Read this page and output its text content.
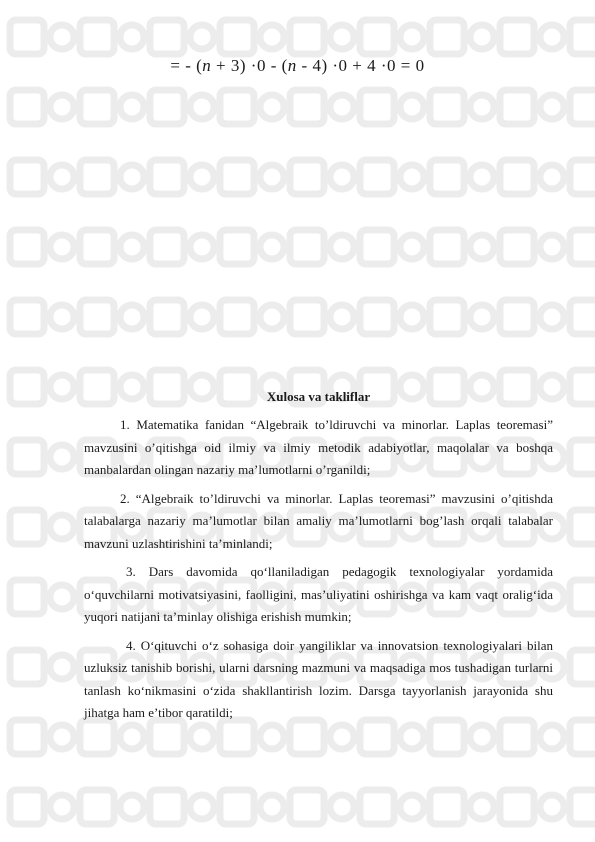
= - (n + 3) ·0 - (n - 4) ·0 + 4 ·0 = 0
Xulosa va takliflar

1. Matematika fanidan “Algebraik to’ldiruvchi va minorlar. Laplas teoremasi” mavzusini o’qitishga oid ilmiy va ilmiy metodik adabiyotlar, maqolalar va boshqa manbalardan olingan nazariy ma’lumotlarni o’rganildi;

2. “Algebraik to’ldiruvchi va minorlar. Laplas teoremasi” mavzusini o’qitishda talabalarga nazariy ma’lumotlar bilan amaliy ma’lumotlarni bog’lash orqali talabalar mavzuni uzlashtirishini ta’minlandi;

3. Dars davomida qo‘llaniladigan pedagogik texnologiyalar yordamida o‘quvchilarni motivatsiyasini, faolligini, mas’uliyatini oshirishga va kam vaqt oralig‘ida yuqori natijani ta’minlay olishiga erishish mumkin;

4. O‘qituvchi o‘z sohasiga doir yangiliklar va innovatsion texnologiyalari bilan uzluksiz tanishib borishi, ularni darsning mazmuni va maqsadiga mos tushadigan turlarni tanlash ko‘nikmasini o‘zida shakllantirish lozim. Darsga tayyorlanish jarayonida shu jihatga ham e’tibor qaratildi;
